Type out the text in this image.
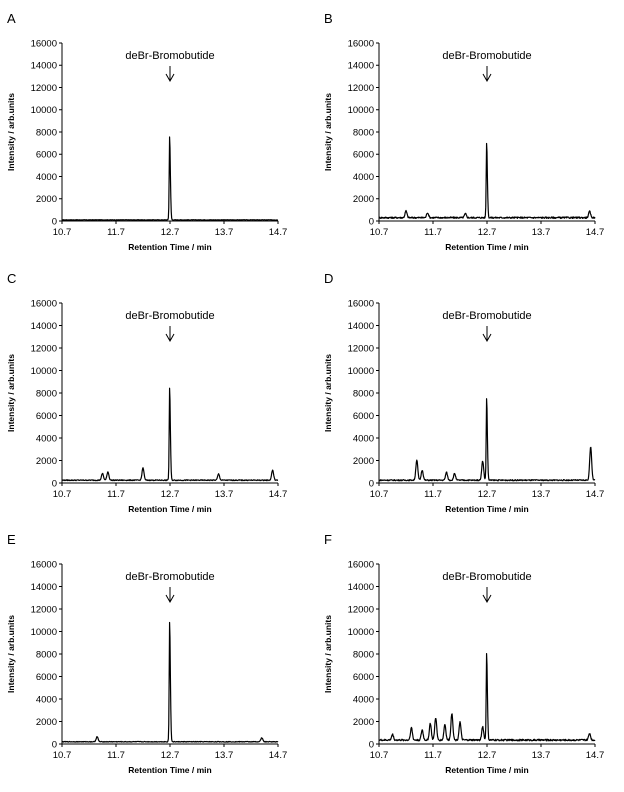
A
0
2000
4000
6000
8000
10000
12000
14000
16000
10.7	11.7	12.7	13.7	14.7
Retention Time / min
Intensity / arb.units
deBr-Bromobutide
B
0
2000
4000
6000
8000
10000
12000
14000
16000
10.7	11.7	12.7	13.7	14.7
Retention Time / min
Intensity / arb.units
deBr-Bromobutide
C
0
2000
4000
6000
8000
10000
12000
14000
16000
10.7	11.7	12.7	13.7	14.7
Retention Time / min
Intensity / arb.units
deBr-Bromobutide
D
0
2000
4000
6000
8000
10000
12000
14000
16000
10.7	11.7	12.7	13.7	14.7
Retention Time / min
Intensity / arb.units
deBr-Bromobutide
E
0
2000
4000
6000
8000
10000
12000
14000
16000
10.7	11.7	12.7	13.7	14.7
Retention Time / min
Intensity / arb.units
deBr-Bromobutide
F
0
2000
4000
6000
8000
10000
12000
14000
16000
10.7	11.7	12.7	13.7	14.7
Retention Time / min
Intensity / arb.units
deBr-Bromobutide
